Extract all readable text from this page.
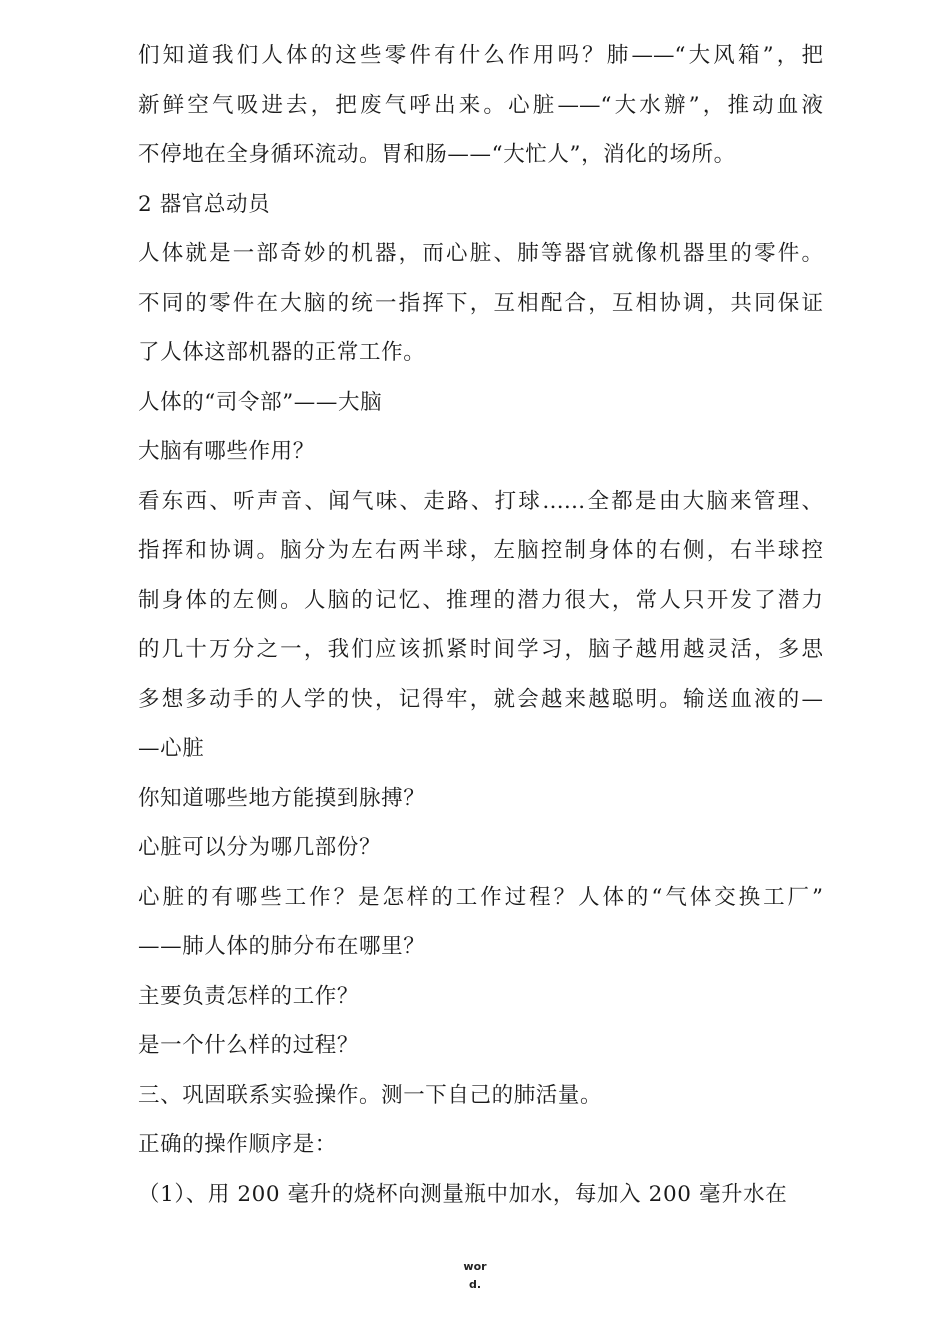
们知道我们人体的这些零件有什么作用吗？肺——“大风箱”，把
新鲜空气吸进去，把废气呼出来。心脏——“大水辦”，推动血液
不停地在全身循环流动。胃和肠——“大忙人”，消化的场所。
2 器官总动员
人体就是一部奇妙的机器，而心脏、肺等器官就像机器里的零件。
不同的零件在大脑的统一指挥下，互相配合，互相协调，共同保证
了人体这部机器的正常工作。
人体的“司令部”——大脑
大脑有哪些作用？
看东西、听声音、闻气味、走路、打球……全都是由大脑来管理、
指挥和协调。脑分为左右两半球，左脑控制身体的右侧，右半球控
制身体的左侧。人脑的记忆、推理的潜力很大，常人只开发了潜力
的几十万分之一，我们应该抓紧时间学习，脑子越用越灵活，多思
多想多动手的人学的快，记得牢，就会越来越聪明。输送血液的—
—心脏
你知道哪些地方能摸到脉搏？
心脏可以分为哪几部份？
心脏的有哪些工作？是怎样的工作过程？人体的“气体交换工厂”
——肺人体的肺分布在哪里？
主要负责怎样的工作？
是一个什么样的过程？
三、巩固联系实验操作。测一下自己的肺活量。
正确的操作顺序是：
（1）、用 200 毫升的烧杯向测量瓶中加水，每加入 200 毫升水在
wor
d.
